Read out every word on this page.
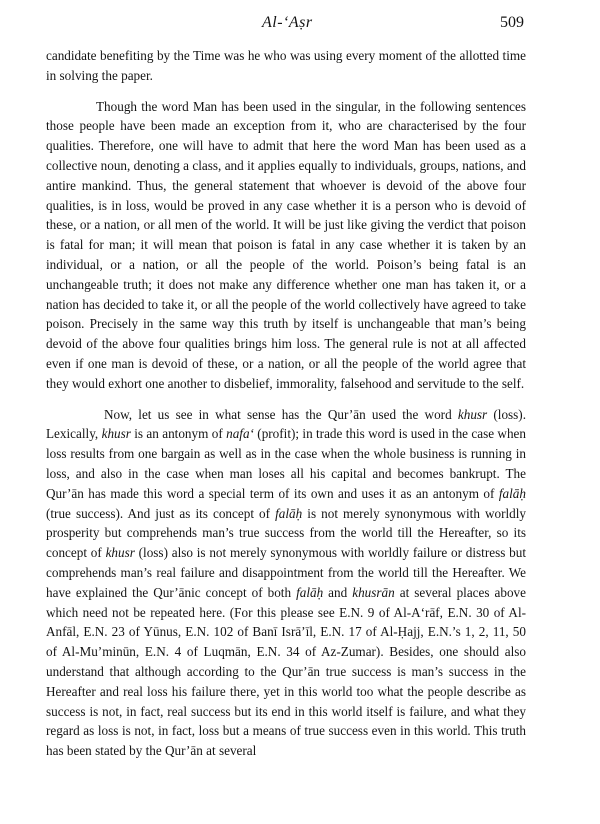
Al-‘Aṣr	509

candidate benefiting by the Time was he who was using every moment of the allotted time in solving the paper.

Though the word Man has been used in the singular, in the following sentences those people have been made an exception from it, who are characterised by the four qualities. Therefore, one will have to admit that here the word Man has been used as a collective noun, denoting a class, and it applies equally to individuals, groups, nations, and antire mankind. Thus, the general statement that whoever is devoid of the above four qualities, is in loss, would be proved in any case whether it is a person who is devoid of these, or a nation, or all men of the world. It will be just like giving the verdict that poison is fatal for man; it will mean that poison is fatal in any case whether it is taken by an individual, or a nation, or all the people of the world. Poison’s being fatal is an unchangeable truth; it does not make any difference whether one man has taken it, or a nation has decided to take it, or all the people of the world collectively have agreed to take poison. Precisely in the same way this truth by itself is unchangeable that man’s being devoid of the above four qualities brings him loss. The general rule is not at all affected even if one man is devoid of these, or a nation, or all the people of the world agree that they would exhort one another to disbelief, immorality, falsehood and servitude to the self.

Now, let us see in what sense has the Qur’ān used the word khusr (loss). Lexically, khusr is an antonym of nafa‘ (profit); in trade this word is used in the case when loss results from one bargain as well as in the case when the whole business is running in loss, and also in the case when man loses all his capital and becomes bankrupt. The Qur’ān has made this word a special term of its own and uses it as an antonym of falāḥ (true success). And just as its concept of falāḥ is not merely synonymous with worldly prosperity but comprehends man’s true success from the world till the Hereafter, so its concept of khusr (loss) also is not merely synonymous with worldly failure or distress but comprehends man’s real failure and disappointment from the world till the Hereafter. We have explained the Qur’ānic concept of both falāḥ and khusrān at several places above which need not be repeated here. (For this please see E.N. 9 of Al-A‘rāf, E.N. 30 of Al-Anfāl, E.N. 23 of Yūnus, E.N. 102 of Banī Isrā’īl, E.N. 17 of Al-Ḥajj, E.N.’s 1, 2, 11, 50 of Al-Mu’minūn, E.N. 4 of Luqmān, E.N. 34 of Az-Zumar). Besides, one should also understand that although according to the Qur’ān true success is man’s success in the Hereafter and real loss his failure there, yet in this world too what the people describe as success is not, in fact, real success but its end in this world itself is failure, and what they regard as loss is not, in fact, loss but a means of true success even in this world. This truth has been stated by the Qur’ān at several
